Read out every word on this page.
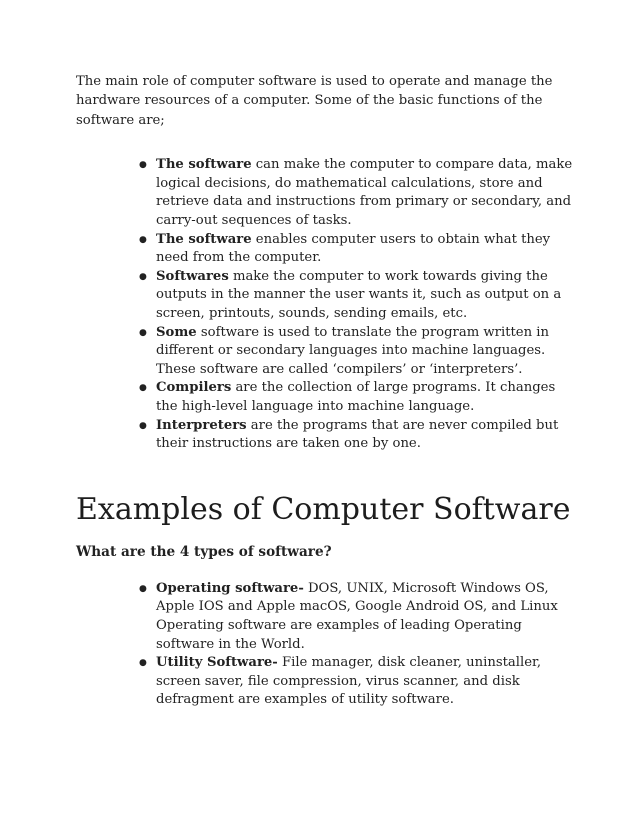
The main role of computer software is used to operate and manage the hardware resources of a computer. Some of the basic functions of the software are;

● The software can make the computer to compare data, make logical decisions, do mathematical calculations, store and retrieve data and instructions from primary or secondary, and carry-out sequences of tasks.
● The software enables computer users to obtain what they need from the computer.
● Softwares make the computer to work towards giving the outputs in the manner the user wants it, such as output on a screen, printouts, sounds, sending emails, etc.
● Some software is used to translate the program written in different or secondary languages into machine languages. These software are called ‘compilers’ or ‘interpreters’.
● Compilers are the collection of large programs. It changes the high-level language into machine language.
● Interpreters are the programs that are never compiled but their instructions are taken one by one.
Examples of Computer Software
What are the 4 types of software?
● Operating software- DOS, UNIX, Microsoft Windows OS, Apple IOS and Apple macOS, Google Android OS, and Linux Operating software are examples of leading Operating software in the World.
● Utility Software- File manager, disk cleaner, uninstaller, screen saver, file compression, virus scanner, and disk defragment are examples of utility software.
